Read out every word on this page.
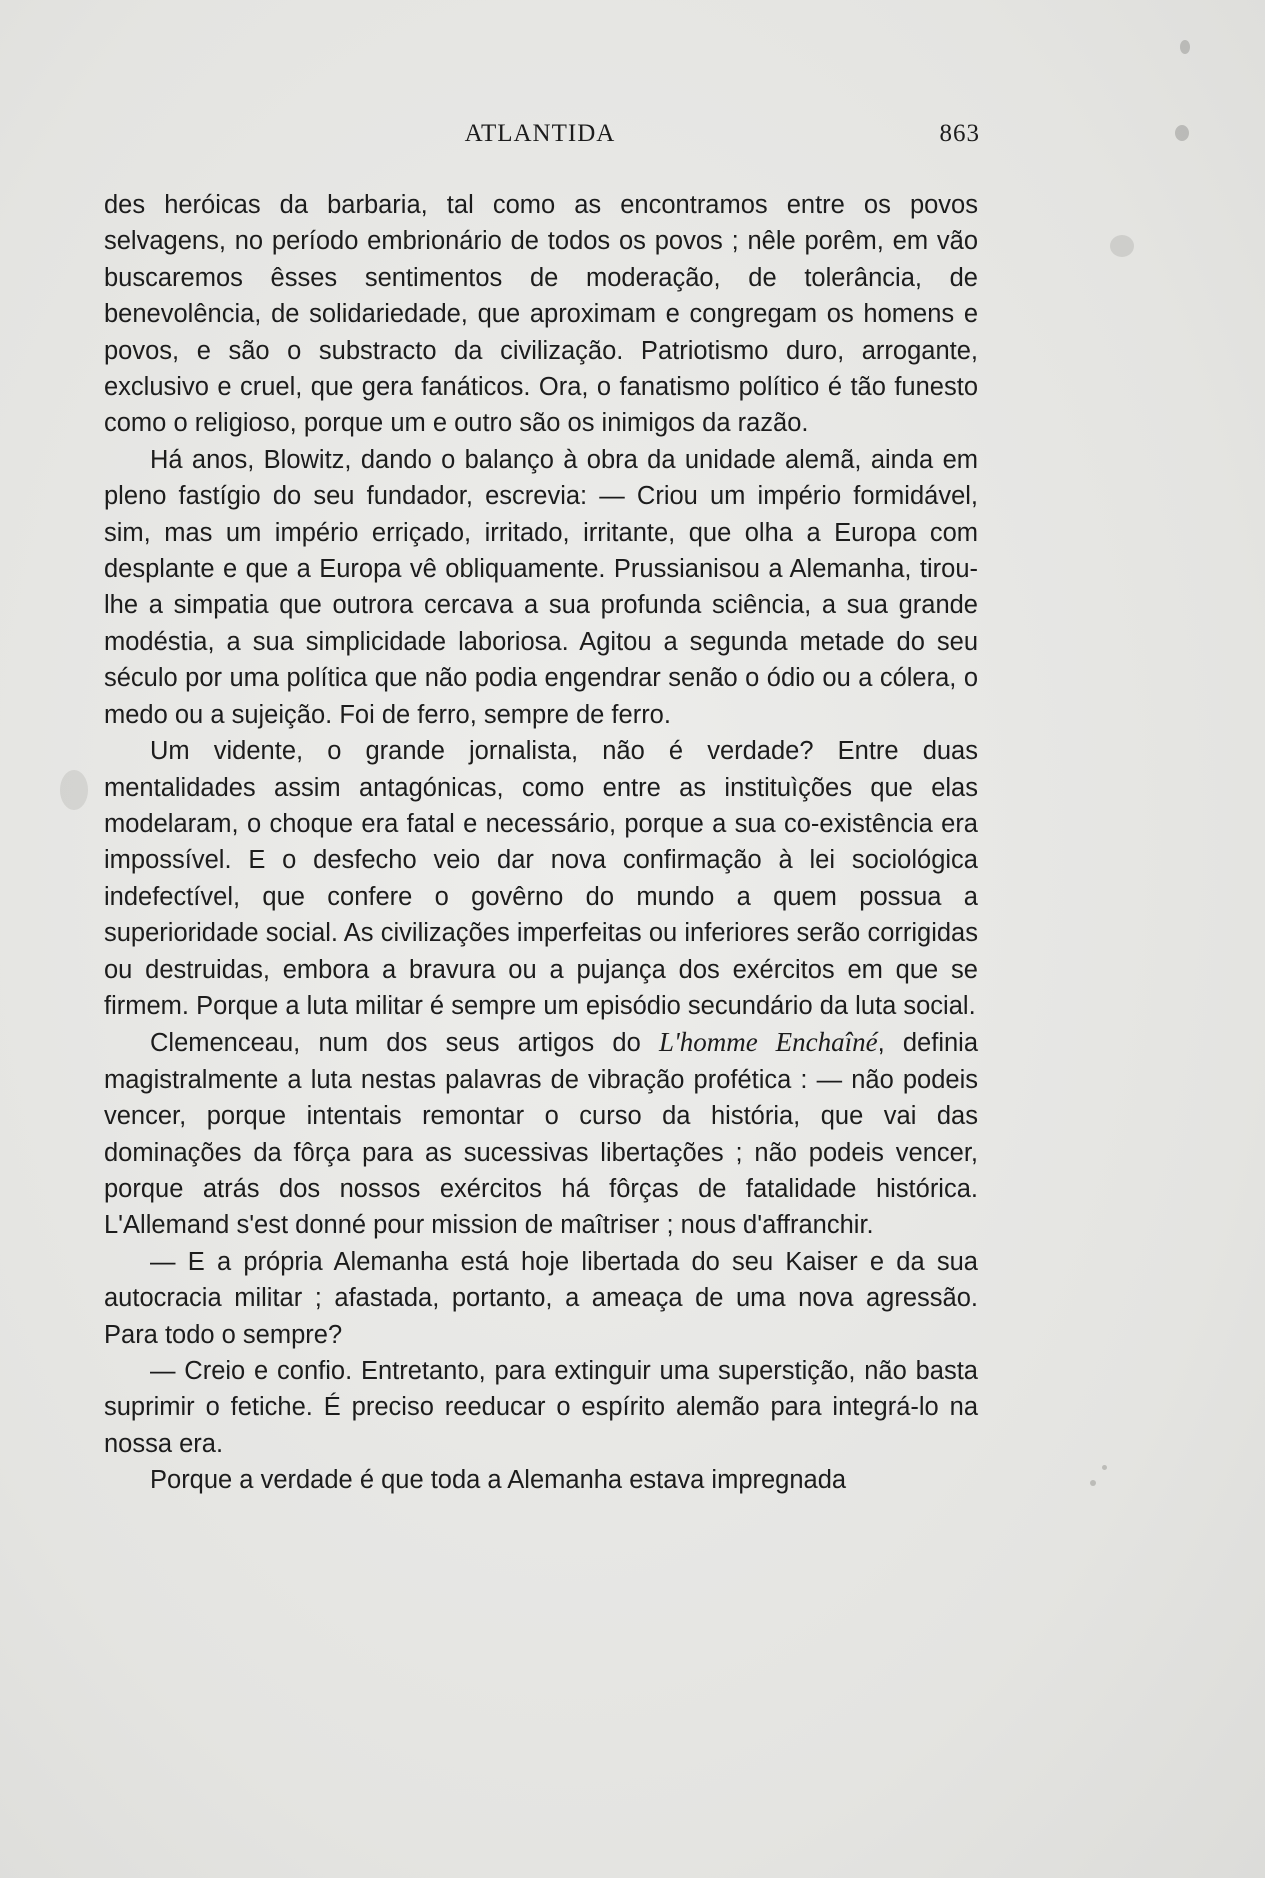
ATLANTIDA	863

des heróicas da barbaria, tal como as encontramos entre os povos selvagens, no período embrionário de todos os povos ; nêle porêm, em vão buscaremos êsses sentimentos de moderação, de tolerância, de benevolência, de solidariedade, que aproximam e congregam os homens e povos, e são o substracto da civilização. Patriotismo duro, arrogante, exclusivo e cruel, que gera fanáticos. Ora, o fanatismo político é tão funesto como o religioso, porque um e outro são os inimigos da razão.

Há anos, Blowitz, dando o balanço à obra da unidade alemã, ainda em pleno fastígio do seu fundador, escrevia: — Criou um império formidável, sim, mas um império erriçado, irritado, irritante, que olha a Europa com desplante e que a Europa vê obliquamente. Prussianisou a Alemanha, tirou-lhe a simpatia que outrora cercava a sua profunda sciência, a sua grande modéstia, a sua simplicidade laboriosa. Agitou a segunda metade do seu século por uma política que não podia engendrar senão o ódio ou a cólera, o medo ou a sujeição. Foi de ferro, sempre de ferro.

Um vidente, o grande jornalista, não é verdade? Entre duas mentalidades assim antagónicas, como entre as instituìções que elas modelaram, o choque era fatal e necessário, porque a sua co-existência era impossível. E o desfecho veio dar nova confirmação à lei sociológica indefectível, que confere o govêrno do mundo a quem possua a superioridade social. As civilizações imperfeitas ou inferiores serão corrigidas ou destruidas, embora a bravura ou a pujança dos exércitos em que se firmem. Porque a luta militar é sempre um episódio secundário da luta social.

Clemenceau, num dos seus artigos do L'homme Enchaîné, definia magistralmente a luta nestas palavras de vibração profética : — não podeis vencer, porque intentais remontar o curso da história, que vai das dominações da fôrça para as sucessivas libertações ; não podeis vencer, porque atrás dos nossos exércitos há fôrças de fatalidade histórica. L'Allemand s'est donné pour mission de maîtriser ; nous d'affranchir.

— E a própria Alemanha está hoje libertada do seu Kaiser e da sua autocracia militar ; afastada, portanto, a ameaça de uma nova agressão. Para todo o sempre?

— Creio e confio. Entretanto, para extinguir uma superstição, não basta suprimir o fetiche. É preciso reeducar o espírito alemão para integrá-lo na nossa era.

Porque a verdade é que toda a Alemanha estava impregnada
